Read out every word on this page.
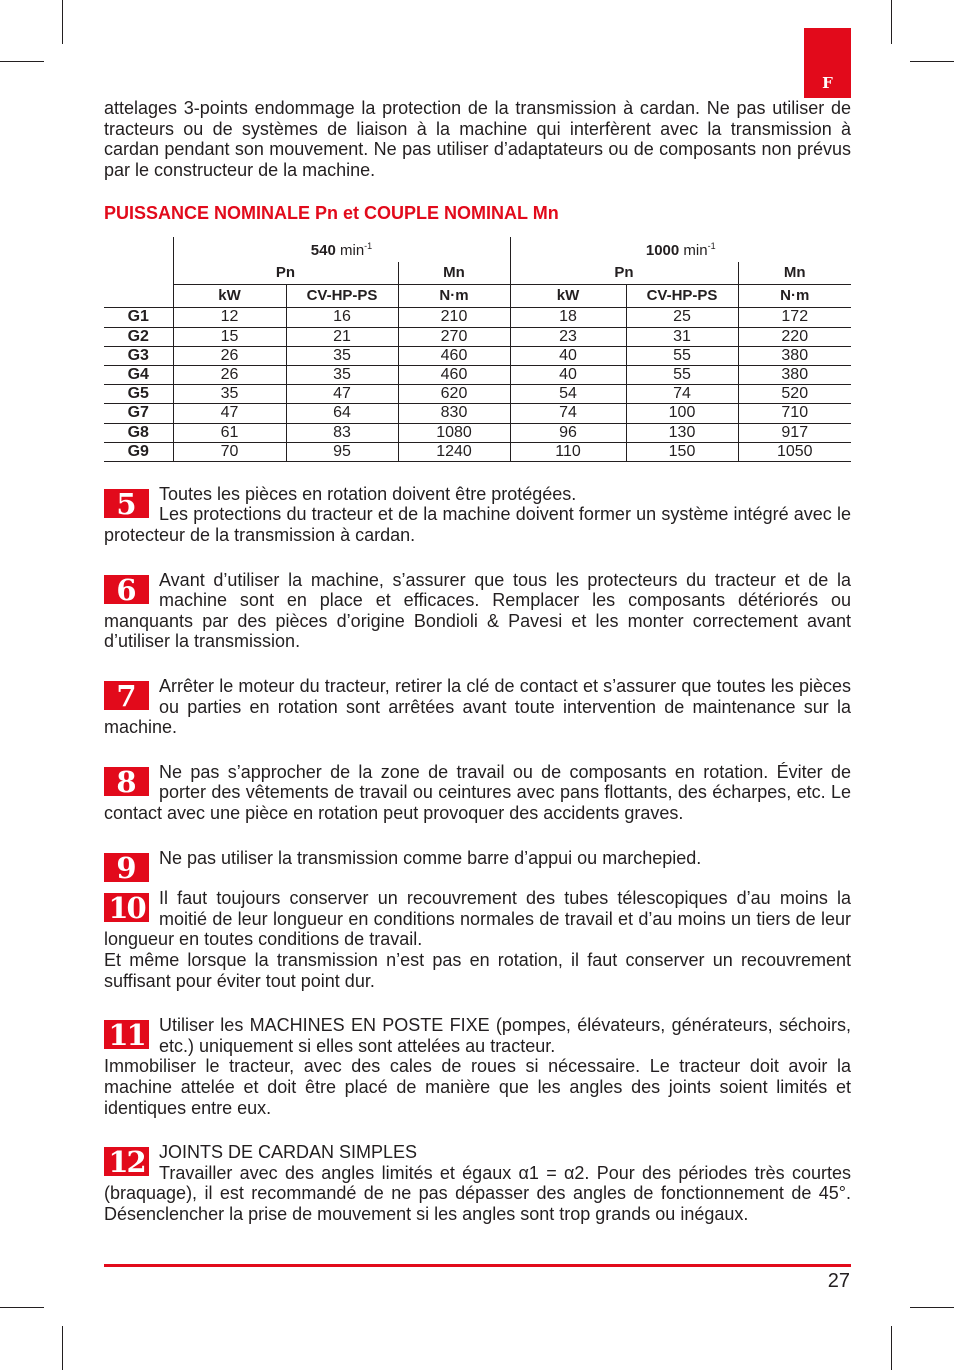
F

attelages 3-points endommage la protection de la transmission à cardan. Ne pas utiliser de tracteurs ou de systèmes de liaison à la machine qui interfèrent avec la transmission à cardan pendant son mouvement. Ne pas utiliser d’adaptateurs ou de composants non prévus par le constructeur de la machine.

PUISSANCE NOMINALE Pn et COUPLE NOMINAL Mn
	540 $\min^{-1}$			1000 $\min^{-1}$
	Pn		Mn	Pn		Mn
	kW	CV-HP-PS	N·m	kW	CV-HP-PS	N·m
G1	12	16	210	18	25	172
G2	15	21	270	23	31	220
G3	26	35	460	40	55	380
G4	26	35	460	40	55	380
G5	35	47	620	54	74	520
G7	47	64	830	74	100	710
G8	61	83	1080	96	130	917
G9	70	95	1240	110	150	1050
5	Toutes les pièces en rotation doivent être protégées.

Les protections du tracteur et de la machine doivent former un système intégré avec le protecteur de la transmission à cardan.

6	Avant d’utiliser la machine, s’assurer que tous les protecteurs du tracteur et de la machine sont en place et efficaces. Remplacer les composants détériorés ou manquants par des pièces d’origine Bondioli & Pavesi et les monter correctement avant d’utiliser la transmission.

7	Arrêter le moteur du tracteur, retirer la clé de contact et s’assurer que toutes les pièces ou parties en rotation sont arrêtées avant toute intervention de maintenance sur la machine.

8	Ne pas s’approcher de la zone de travail ou de composants en rotation. Éviter de porter des vêtements de travail ou ceintures avec pans flottants, des écharpes, etc. Le contact avec une pièce en rotation peut provoquer des accidents graves.

9	Ne pas utiliser la transmission comme barre d’appui ou marchepied.

10 Il faut toujours conserver un recouvrement des tubes télescopiques d’au moins la moitié de leur longueur en conditions normales de travail et d’au moins un tiers de leur longueur en toutes conditions de travail.

Et même lorsque la transmission n’est pas en rotation, il faut conserver un recouvrement suffisant pour éviter tout point dur.

11 Utiliser les MACHINES EN POSTE FIXE (pompes, élévateurs, générateurs, séchoirs, etc.) uniquement si elles sont attelées au tracteur.

Immobiliser le tracteur, avec des cales de roues si nécessaire. Le tracteur doit avoir la machine attelée et doit être placé de manière que les angles des joints soient limités et identiques entre eux.

12 JOINTS DE CARDAN SIMPLES

Travailler avec des angles limités et égaux α1 = α2. Pour des périodes très courtes (braquage), il est recommandé de ne pas dépasser des angles de fonctionnement de 45°. Désenclencher la prise de mouvement si les angles sont trop grands ou inégaux.

27
